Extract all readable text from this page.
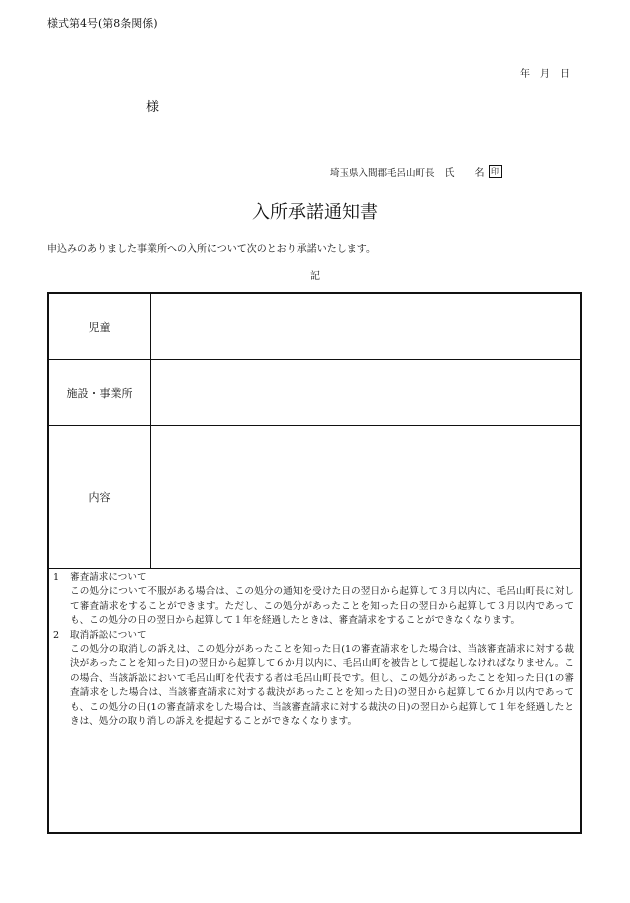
様式第4号(第8条関係)
年　月　日
様
埼玉県入間郡毛呂山町長 氏 名 印
入所承諾通知書
申込みのありました事業所への入所について次のとおり承諾いたします。
記
児童
施設・事業所
内容
1	審査請求について
この処分について不服がある場合は、この処分の通知を受けた日の翌日から起算して３月以内に、毛呂山町長に対して審査請求をすることができます。ただし、この処分があったことを知った日の翌日から起算して３月以内であっても、この処分の日の翌日から起算して１年を経過したときは、審査請求をすることができなくなります。
2	取消訴訟について
この処分の取消しの訴えは、この処分があったことを知った日(1の審査請求をした場合は、当該審査請求に対する裁決があったことを知った日)の翌日から起算して６か月以内に、毛呂山町を被告として提起しなければなりません。この場合、当該訴訟において毛呂山町を代表する者は毛呂山町長です。但し、この処分があったことを知った日(1の審査請求をした場合は、当該審査請求に対する裁決があったことを知った日)の翌日から起算して６か月以内であっても、この処分の日(1の審査請求をした場合は、当該審査請求に対する裁決の日)の翌日から起算して１年を経過したときは、処分の取り消しの訴えを提起することができなくなります。
